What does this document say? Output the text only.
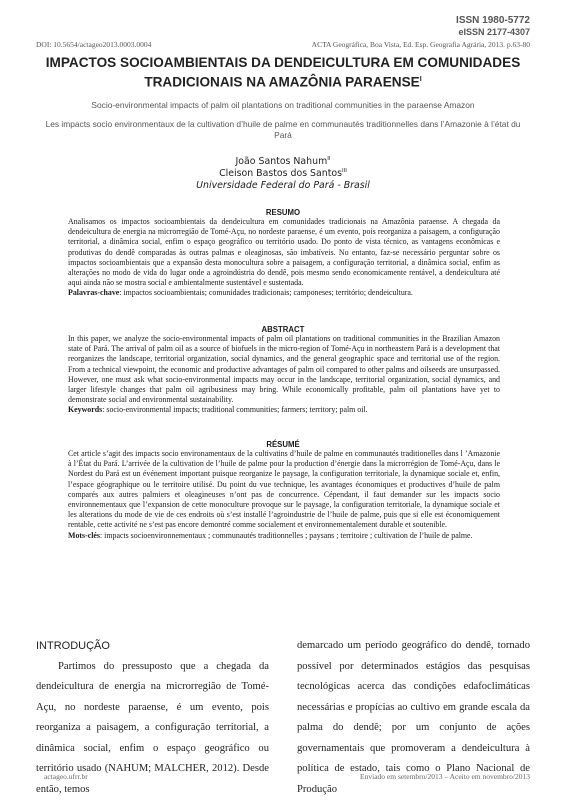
ISSN 1980-5772
eISSN 2177-4307
DOI: 10.5654/actageo2013.0003.0004	ACTA Geográfica, Boa Vista, Ed. Esp. Geografia Agrária, 2013. p.63-80
IMPACTOS SOCIOAMBIENTAIS DA DENDEICULTURA EM COMUNIDADES
TRADICIONAIS NA AMAZÔNIA $PARAENSE^I$
Socio-environmental impacts of palm oil plantations on traditional communities in the paraense Amazon
Les impacts socio environmentaux de la cultivation d’huile de palme en communautés traditionnelles dans l’Amazonie à l’état du Pará
João Santos Nahum$^{II}$
Cleison Bastos dos Santos$^{III}$
Universidade Federal do Pará - Brasil
RESUMO
Analisamos os impactos socioambientais da dendeicultura em comunidades tradicionais na Amazônia paraense. A chegada da dendeicultura de energia na microrregião de Tomé-Açu, no nordeste paraense, é um evento, pois reorganiza a paisagem, a configuração territorial, a dinâmica social, enfim o espaço geográfico ou território usado. Do ponto de vista técnico, as vantagens econômicas e produtivas do dendê comparadas às outras palmas e oleaginosas, são imbatíveis. No entanto, faz-se necessário perguntar sobre os impactos socioambientais que a expansão desta monocultura sobre a paisagem, a configuração territorial, a dinâmica social, enfim as alterações no modo de vida do lugar onde a agroindústria do dendê, pois mesmo sendo economicamente rentável, a dendeicultura até aqui ainda não se mostra social e ambientalmente sustentável e sustentada.
Palavras-chave: impactos socioambientais; comunidades tradicionais; camponeses; território; dendeicultura.
ABSTRACT
In this paper, we analyze the socio-environmental impacts of palm oil plantations on traditional communities in the Brazilian Amazon state of Pará. The arrival of palm oil as a source of biofuels in the micro-region of Tomé-Açu in northeastern Pará is a development that reorganizes the landscape, territorial organization, social dynamics, and the general geographic space and territorial use of the region. From a technical viewpoint, the economic and productive advantages of palm oil compared to other palms and oilseeds are unsurpassed. However, one must ask what socio-environmental impacts may occur in the landscape, territorial organization, social dynamics, and larger lifestyle changes that palm oil agribusiness may bring. While economically profitable, palm oil plantations have yet to demonstrate social and environmental sustainability.
Keywords: socio-environmental impacts; traditional communities; farmers; territory; palm oil.
RÉSUMÉ
Cet article s’agit des impacts socio environamentaux de la cultivatins d’huile de palme en communautés traditionelles dans l ’Amazonie à l’État du Pará. L’arrivée de la cultivation de l’huile de palme pour la production d’énergie dans la microrrégion de Tomé-Açu, dans le Nordest du Pará est un événement important puisque reorganize le paysage, la configuration territoriale, la dynamique sociale et, enfin, l’espace géographique ou le territoire utilisé. Du point du vue technique, les avantages économiques et productives d’huile de palm comparés aux autres palmiers et oleagineuses n’ont pas de concurrence. Cépendant, il faut demander sur les impacts socio environnementaux que l’expansion de cette monoculture provoque sur le paysage, la configuration territoriale, la dynamique sociale et les alterations du mode de vie de ces endroits où s’est installé l’agroindustrie de l’huile de palme, puis que si elle est économiquement rentable, cette activité ne s’est pas encore demontré comme socialement et environnementalement durable et soutenible.
Mots-clés: impacts socioenvironnementaux ; communautés traditionnelles ; paysans ; territoire ; cultivation de l’huile de palme.
INTRODUÇÃO
Partimos do pressuposto que a chegada da dendeicultura de energia na microrregião de Tomé-Açu, no nordeste paraense, é um evento, pois reorganiza a paisagem, a configuração territorial, a dinâmica social, enfim o espaço geográfico ou território usado (NAHUM; MALCHER, 2012). Desde então, temos
demarcado um período geográfico do dendê, tornado possível por determinados estágios das pesquisas tecnológicas acerca das condições edafoclimáticas necessárias e propícias ao cultivo em grande escala da palma do dendê; por um conjunto de ações governamentais que promoveram a dendeicultura à política de estado, tais como o Plano Nacional de Produção
actageo.ufrr.br	Enviado em setembro/2013 – Aceito em novembro/2013
